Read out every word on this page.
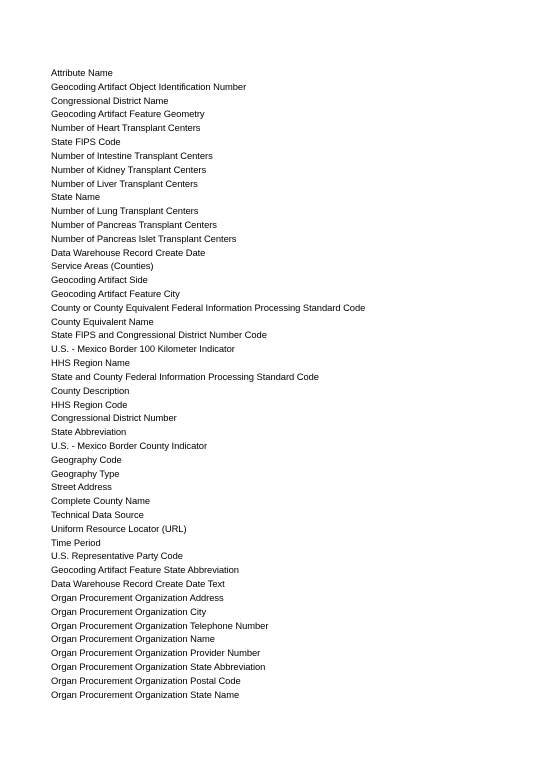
Attribute Name
Geocoding Artifact Object Identification Number
Congressional District Name
Geocoding Artifact Feature Geometry
Number of Heart Transplant Centers
State FIPS Code
Number of Intestine Transplant Centers
Number of Kidney Transplant Centers
Number of Liver Transplant Centers
State Name
Number of Lung Transplant Centers
Number of Pancreas Transplant Centers
Number of Pancreas Islet Transplant Centers
Data Warehouse Record Create Date
Service Areas (Counties)
Geocoding Artifact Side
Geocoding Artifact Feature City
County or County Equivalent Federal Information Processing Standard Code
County Equivalent Name
State FIPS and Congressional District Number Code
U.S. - Mexico Border 100 Kilometer Indicator
HHS Region Name
State and County Federal Information Processing Standard Code
County Description
HHS Region Code
Congressional District Number
State Abbreviation
U.S. - Mexico Border County Indicator
Geography Code
Geography Type
Street Address
Complete County Name
Technical Data Source
Uniform Resource Locator (URL)
Time Period
U.S. Representative Party Code
Geocoding Artifact Feature State Abbreviation
Data Warehouse Record Create Date Text
Organ Procurement Organization Address
Organ Procurement Organization City
Organ Procurement Organization Telephone Number
Organ Procurement Organization Name
Organ Procurement Organization Provider Number
Organ Procurement Organization State Abbreviation
Organ Procurement Organization Postal Code
Organ Procurement Organization State Name
